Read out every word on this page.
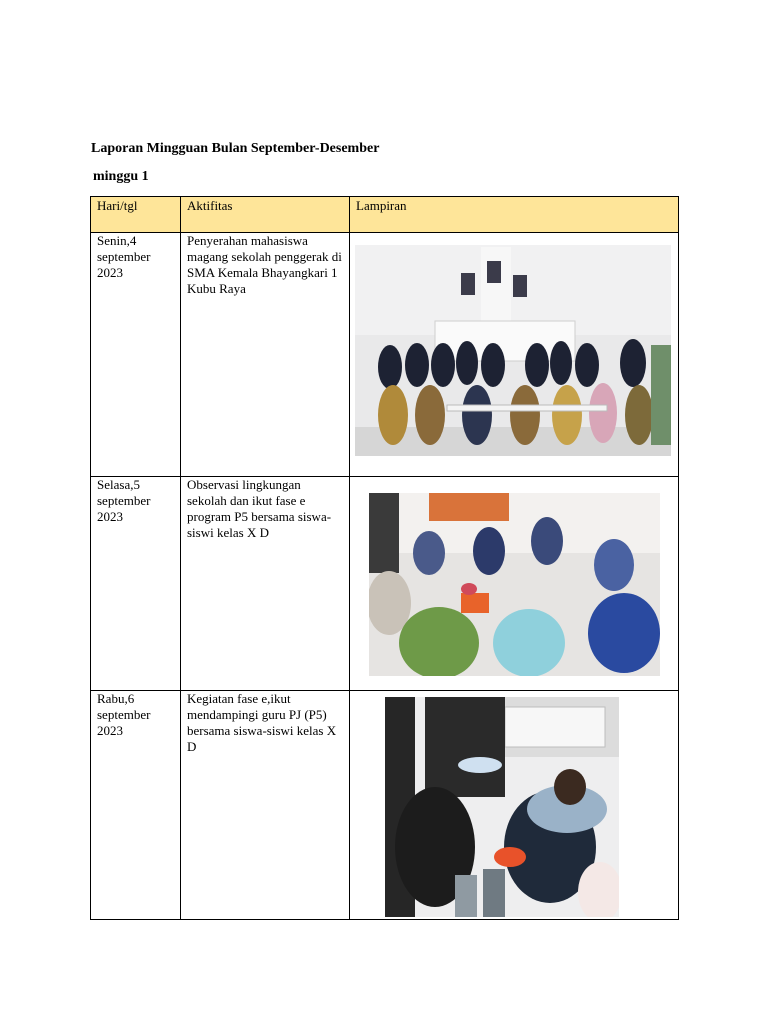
Laporan Mingguan Bulan September-Desember
minggu 1
Hari/tgl	Aktifitas	Lampiran
Senin,4 september 2023	Penyerahan mahasiswa magang sekolah penggerak di SMA Kemala Bhayangkari 1 Kubu Raya	

Selasa,5 september 2023	Observasi lingkungan sekolah dan ikut fase e program P5 bersama siswa-siswi kelas X D	

Rabu,6 september 2023	Kegiatan fase e,ikut mendampingi guru PJ (P5) bersama siswa-siswi kelas X D	
